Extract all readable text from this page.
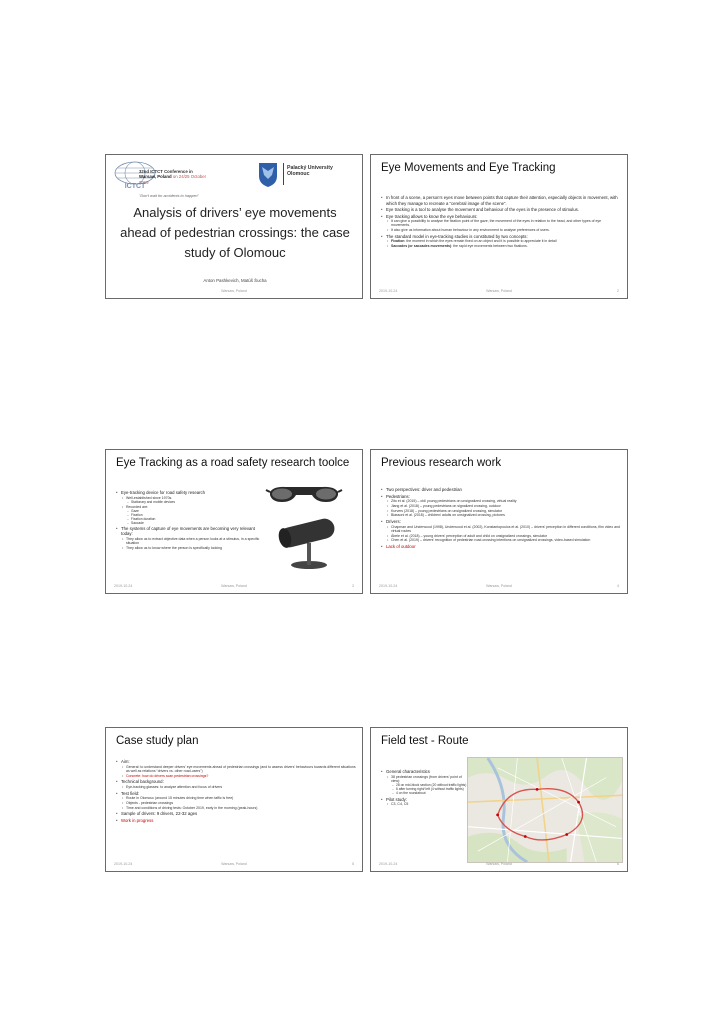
ICTCT
32nd ICTCT Conference in
Warsaw, Poland on 24/25 October
2019
Palacký University
Olomouc
"Don't wait for accidents to happen"
Analysis of drivers’ eye movements ahead of pedestrian crossings: the case study of Olomouc
Anton Pashkevich, Matúš Šucha
Warsaw, Poland
Eye Movements and Eye Tracking
• In front of a scene, a person’s eyes move between points that capture their attention, especially objects in movement, with which they manage to recreate a “cerebral image of the scene”.
• Eye tracking is a tool to analyse the movement and behaviour of the eyes in the presence of stimulus.
• Eye tracking allows to know the eye behaviours:
• It can give a possibility to analyse the fixation point of the gaze, the movement of the eyes in relation to the head, and other types of eye movements.
• It also give us information about human behaviour in any environment to analyse preferences of users.
• The standard model in eye-tracking studies is constituted by two concepts:
• Fixation: the moment in which the eyes remain fixed on an object and it is possible to appreciate it in detail
• Saccades (or saccades movements): the rapid eye movements between two fixations.
2019-10-24	Warsaw, Poland	2
Eye Tracking as a road safety research toolce
• Eye-tracking device for road safety research
• Well-established since 1970s.
– Stationary and mobile devices
• Recorded are:
– Gaze
– Fixation
– Fixation duration
– Saccade
• The systems of capture of eye movements are becoming very relevant today:
• They allow us to extract objective data when a person looks at a stimulus, in a specific situation
• They allow us to know where the person is specifically looking
2019-10-24	Warsaw, Poland	3
Previous research work
• Two perspectives: driver and pedestrian
• Pedestrians:
• Zito et al. (2015) – old/ young pedestrians on unsignalized crossing, virtual reality
• Jiang et al. (2018) – young pedestrians on signalized crossing, outdoor
• Kurvers (2018) – young pedestrians on unsignalized crossing, simulator
• Biassoni et al. (2018) – children/ adults on unsignalized crossing, pictures
• Drivers:
• Chapman and Underwood (1998), Underwood et al. (2002), Konstantopoulos et al. (2010) – drivers’ perception in different conditions, film video and virtual routes
• Ábele et al. (2018) – young drivers’ perception of adult and child on unsignalized crossings, simulator
• Chen et al. (2019) – drivers’ recognition of pedestrian road-crossing intentions on unsignalized crossings, video-based simulation
• Lack of outdoor
2019-10-24	Warsaw, Poland	4
Case study plan
• Aim:
• General: to understand deeper drivers’ eye movements ahead of pedestrian crossings (and to assess drivers’ behaviours towards different situations as well as relations “drivers vs. other road-users”)
• Concrete: how do drivers scan pedestrian crossings?
• Technical background:
• Eye-tracking glasses: to analyze attention and focus of drivers
• Test field:
• Route in Olomouc (around 15 minutes driving time when taffic is free)
• Objects - pedestrian crossings
• Time and conditions of driving tests: October 2019, early in the morning (peak-hours)
• Sample of drivers: 9 drivers, 22-32 ages
• Work in progress
2019-10-24	Warsaw, Poland	5
Field test - Route
• General characteristics
• 38 pedestrian crossings (from drivers’ point of view):
– 28 on mid-block section (20 without traffic lights)
– 6 after turning right/ left (4 without traffic lights)
– 4 on the roundabout
• Pilot study:
• C3, C4, C5
2019-10-24	Warsaw, Poland	6
